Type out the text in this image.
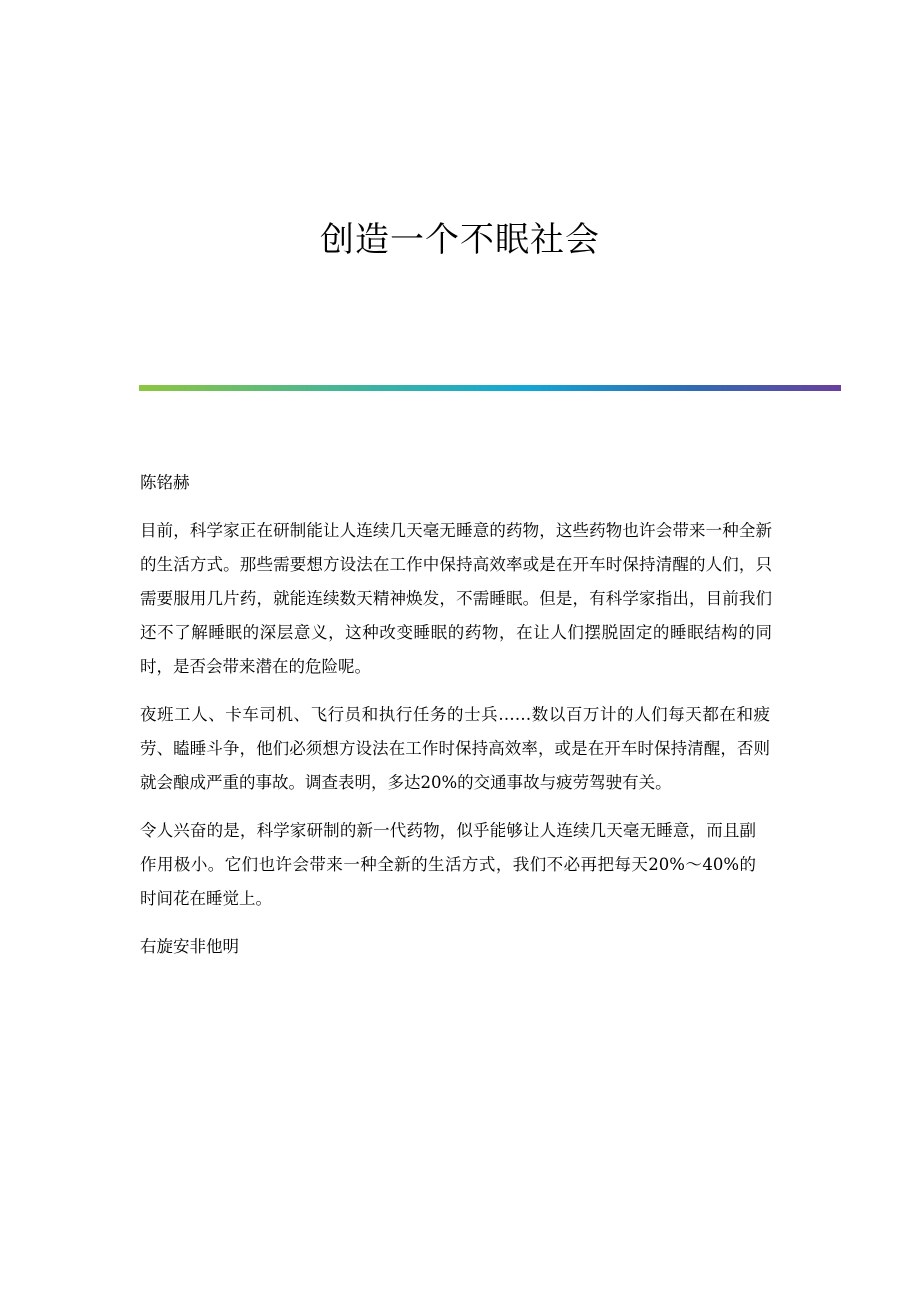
创造一个不眠社会

陈铭赫

目前，科学家正在研制能让人连续几天毫无睡意的药物，这些药物也许会带来一种全新的生活方式。那些需要想方设法在工作中保持高效率或是在开车时保持清醒的人们，只需要服用几片药，就能连续数天精神焕发，不需睡眠。但是，有科学家指出，目前我们还不了解睡眠的深层意义，这种改变睡眠的药物，在让人们摆脱固定的睡眠结构的同时，是否会带来潜在的危险呢。

夜班工人、卡车司机、飞行员和执行任务的士兵……数以百万计的人们每天都在和疲劳、瞌睡斗争，他们必须想方设法在工作时保持高效率，或是在开车时保持清醒，否则就会酿成严重的事故。调查表明，多达20%的交通事故与疲劳驾驶有关。

令人兴奋的是，科学家研制的新一代药物，似乎能够让人连续几天毫无睡意，而且副作用极小。它们也许会带来一种全新的生活方式，我们不必再把每天20%～40%的时间花在睡觉上。

右旋安非他明
